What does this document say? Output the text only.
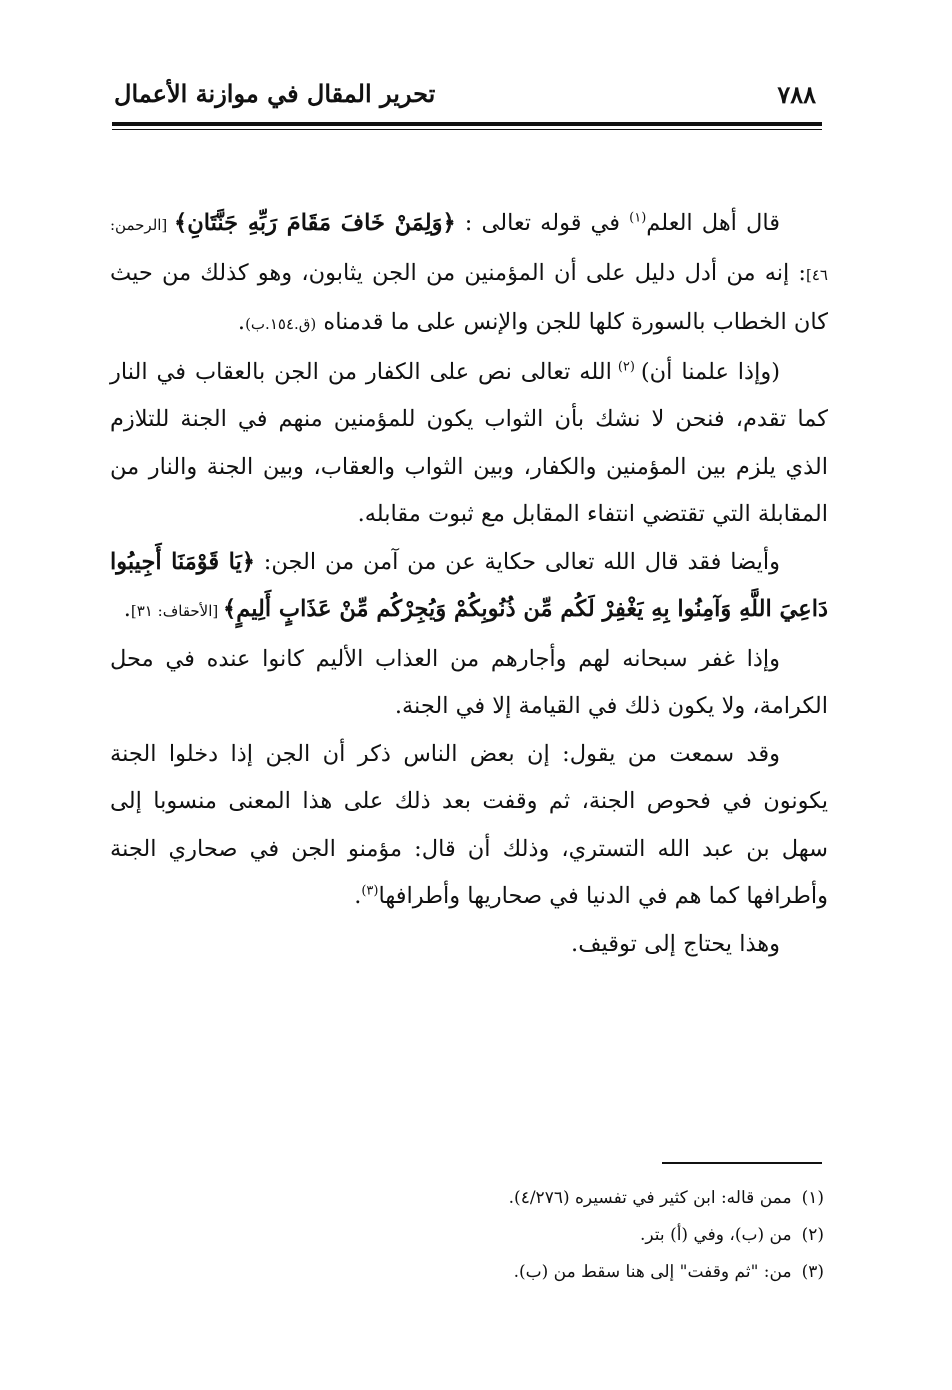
تحرير المقال في موازنة الأعمال	٧٨٨

قال أهل العلم$^{(١)}$ في قوله تعالى : ﴿وَلِمَنْ خَافَ مَقَامَ رَبِّهِ جَنَّتَانِ﴾ [الرحمن: ٤٦]: إنه من أدل دليل على أن المؤمنين من الجن يثابون، وهو كذلك من حيث كان الخطاب بالسورة كلها للجن والإنس على ما قدمناه (ق.١٥٤.ب).

(وإذا علمنا أن) $^{(٢)}$ الله تعالى نص على الكفار من الجن بالعقاب في النار كما تقدم، فنحن لا نشك بأن الثواب يكون للمؤمنين منهم في الجنة للتلازم الذي يلزم بين المؤمنين والكفار، وبين الثواب والعقاب، وبين الجنة والنار من المقابلة التي تقتضي انتفاء المقابل مع ثبوت مقابله.

وأيضا فقد قال الله تعالى حكاية عن من آمن من الجن: ﴿يَا قَوْمَنَا أَجِيبُوا دَاعِيَ اللَّهِ وَآمِنُوا بِهِ يَغْفِرْ لَكُم مِّن ذُنُوبِكُمْ وَيُجِرْكُم مِّنْ عَذَابٍ أَلِيمٍ﴾ [الأحقاف: ٣١].

وإذا غفر سبحانه لهم وأجارهم من العذاب الأليم كانوا عنده في محل الكرامة، ولا يكون ذلك في القيامة إلا في الجنة.

وقد سمعت من يقول: إن بعض الناس ذكر أن الجن إذا دخلوا الجنة يكونون في فحوص الجنة، ثم وقفت بعد ذلك على هذا المعنى منسوبا إلى سهل بن عبد الله التستري، وذلك أن قال: مؤمنو الجن في صحاري الجنة وأطرافها كما هم في الدنيا في صحاريها وأطرافها$^{(٣)}$.

وهذا يحتاج إلى توقيف.

(١)ممن قاله: ابن كثير في تفسيره (٤/٢٧٦).
(٢)من (ب)، وفي (أ) بتر.
(٣)من: "ثم وقفت" إلى هنا سقط من (ب).
